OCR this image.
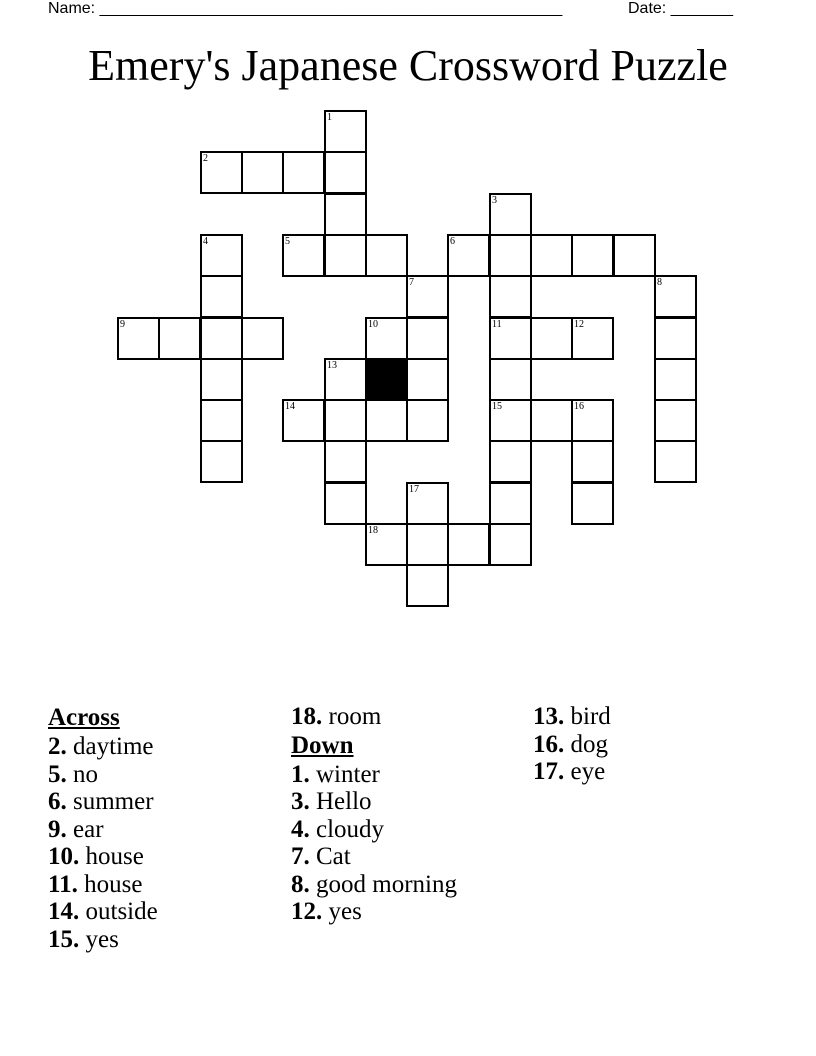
Name: ____________________________________________________	Date: _______
Emery's Japanese Crossword Puzzle
1
2
3
4	5	6
7	8
9	10	11	12
13
14	15	16
17
18
Across
2. daytime
5. no
6. summer
9. ear
10. house
11. house
14. outside
15. yes
18. room
Down
1. winter
3. Hello
4. cloudy
7. Cat
8. good morning
12. yes
13. bird
16. dog
17. eye
